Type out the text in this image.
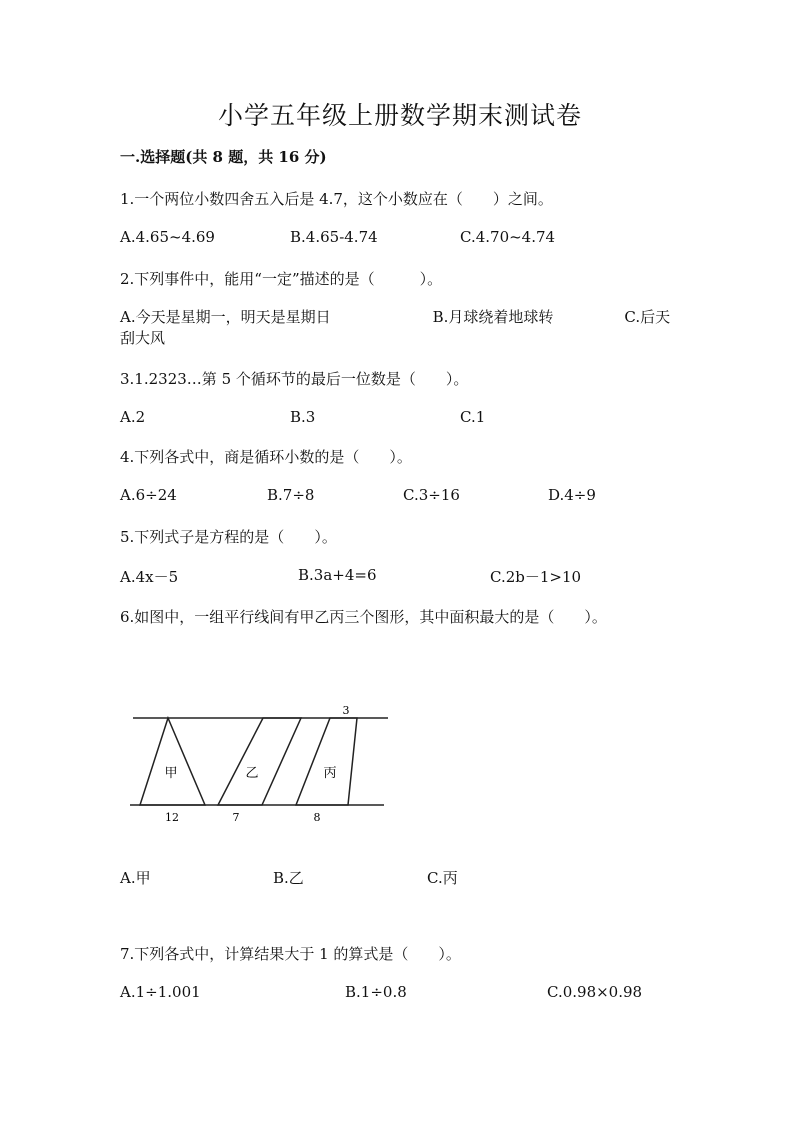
小学五年级上册数学期末测试卷
一.选择题(共 8 题，共 16 分)
1.一个两位小数四舍五入后是 4.7，这个小数应在（　　）之间。
A.4.65~4.69	B.4.65-4.74	C.4.70~4.74
2.下列事件中，能用“一定”描述的是（　　　）。
A.今天是星期一，明天是星期日	B.月球绕着地球转	C.后天刮大风
3.1.2323…第 5 个循环节的最后一位数是（　　）。
A.2	B.3	C.1
4.下列各式中，商是循环小数的是（　　）。
A.6÷24	B.7÷8	C.3÷16	D.4÷9
5.下列式子是方程的是（　　）。
A.4x－5	B.3a+4=6	C.2b－1>10
6.如图中，一组平行线间有甲乙丙三个图形，其中面积最大的是（　　）。
甲	乙	丙
3
12	7	8
A.甲	B.乙	C.丙
7.下列各式中，计算结果大于 1 的算式是（　　）。
A.1÷1.001	B.1÷0.8	C.0.98×0.98
